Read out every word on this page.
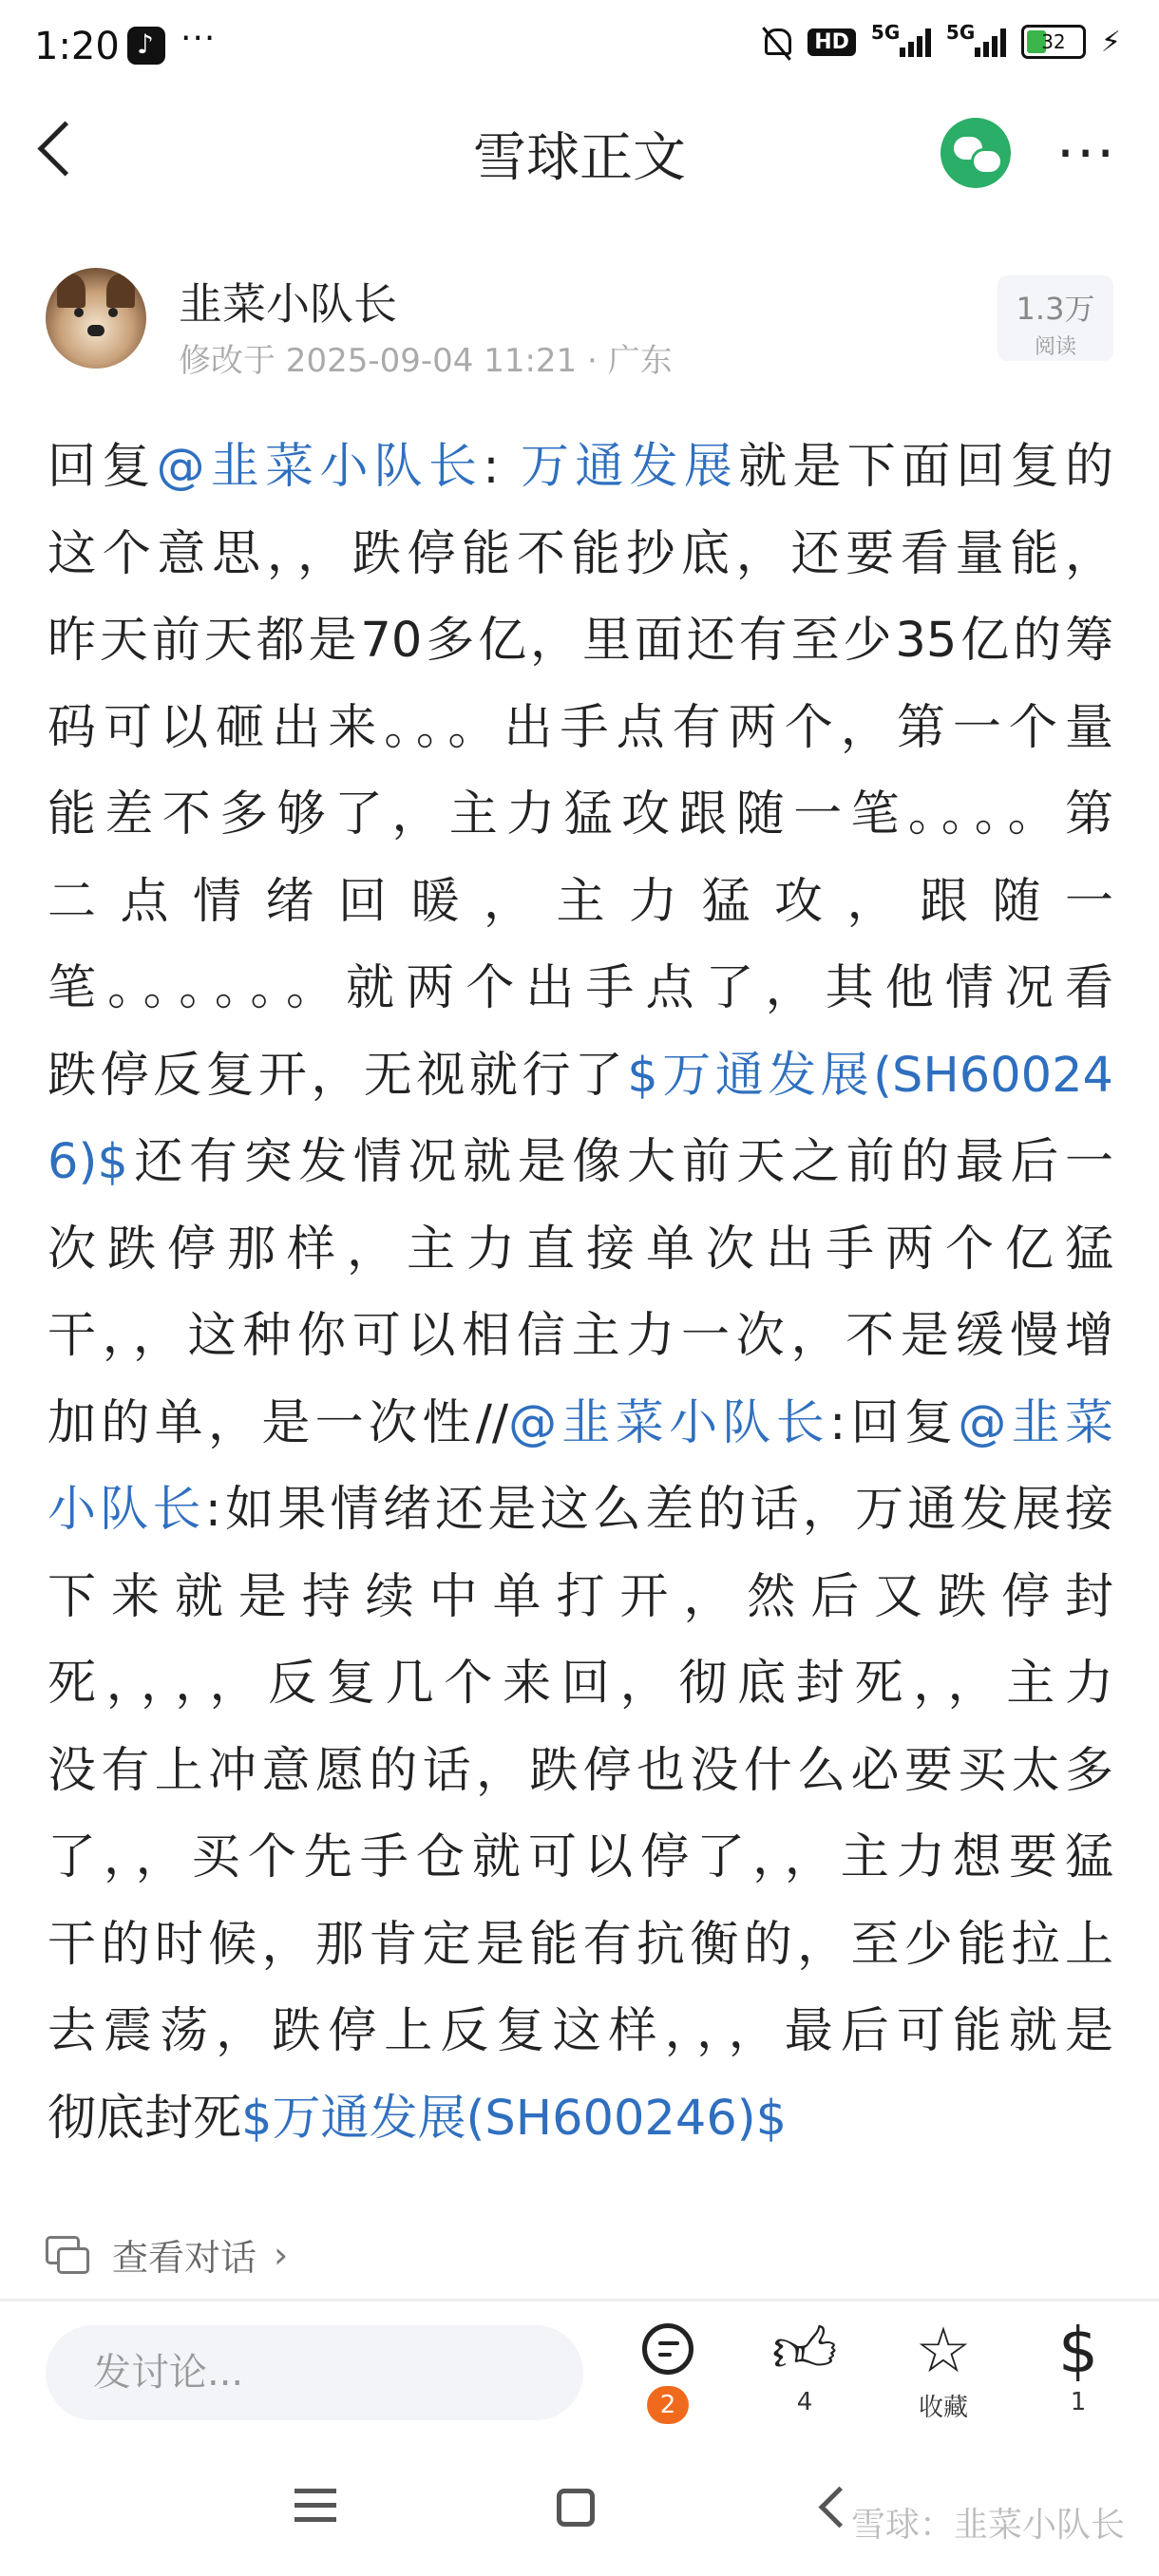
1:20
♪ ···	HD	5G 5G	32	⚡
雪球正文	···
韭菜小队长
修改于 2025-09-04 11:21 · 广东
1.3万
阅读
回复@韭菜小队长: 万通发展就是下面回复的
这个意思，，跌停能不能抄底，还要看量能，
昨天前天都是70多亿，里面还有至少35亿的筹
码可以砸出来。。。出手点有两个，第一个量
能差不多够了，主力猛攻跟随一笔。。。。第
二点情绪回暖，主力猛攻，跟随一
笔。。。。。。就两个出手点了，其他情况看
跌停反复开，无视就行了$万通发展(SH60024
6)$还有突发情况就是像大前天之前的最后一
次跌停那样，主力直接单次出手两个亿猛
干，，这种你可以相信主力一次，不是缓慢增
加的单，是一次性//@韭菜小队长:回复@韭菜
小队长:如果情绪还是这么差的话，万通发展接
下来就是持续中单打开，然后又跌停封
死，，，，反复几个来回，彻底封死，，主力
没有上冲意愿的话，跌停也没什么必要买太多
了，，买个先手仓就可以停了，，主力想要猛
干的时候，那肯定是能有抗衡的，至少能拉上
去震荡，跌停上反复这样，，，最后可能就是
彻底封死$万通发展(SH600246)$
查看对话 ›
发讨论...
2
👍︎
4
☆
收藏
$
1
雪球：韭菜小队长
